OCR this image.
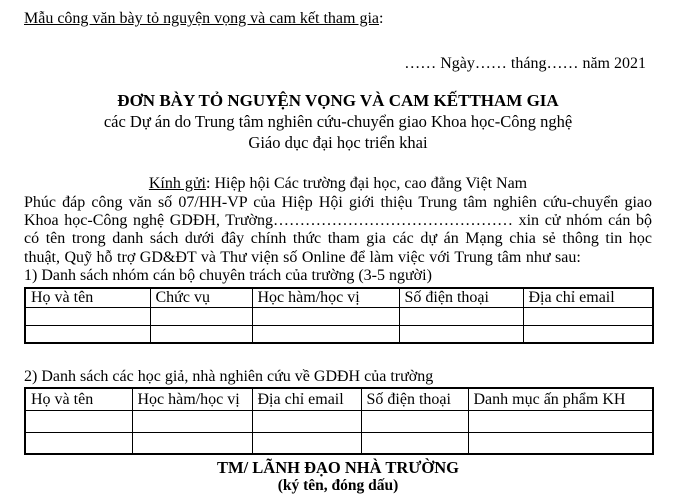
Mẫu công văn bày tỏ nguyện vọng và cam kết tham gia:
…… Ngày…… tháng…… năm 2021
ĐƠN BÀY TỎ NGUYỆN VỌNG VÀ CAM KẾTTHAM GIA
các Dự án do Trung tâm nghiên cứu-chuyển giao Khoa học-Công nghệ
Giáo dục đại học triển khai
Kính gửi: Hiệp hội Các trường đại học, cao đẳng Việt Nam
Phúc đáp công văn số 07/HH-VP của Hiệp Hội giới thiệu Trung tâm nghiên cứu-chuyển giao Khoa học-Công nghệ GDĐH, Trường……………………………………… xin cử nhóm cán bộ có tên trong danh sách dưới đây chính thức tham gia các dự án Mạng chia sẻ thông tin học thuật, Quỹ hỗ trợ GD&ĐT và Thư viện số Online để làm việc với Trung tâm như sau:
1) Danh sách nhóm cán bộ chuyên trách của trường (3-5 người)
Họ và tên	Chức vụ	Học hàm/học vị	Số điện thoại	Địa chỉ email

2) Danh sách các học giả, nhà nghiên cứu về GDĐH của trường
Họ và tên	Học hàm/học vị	Địa chỉ email	Số điện thoại	Danh mục ấn phẩm KH

TM/ LÃNH ĐẠO NHÀ TRƯỜNG
(ký tên, đóng dấu)
